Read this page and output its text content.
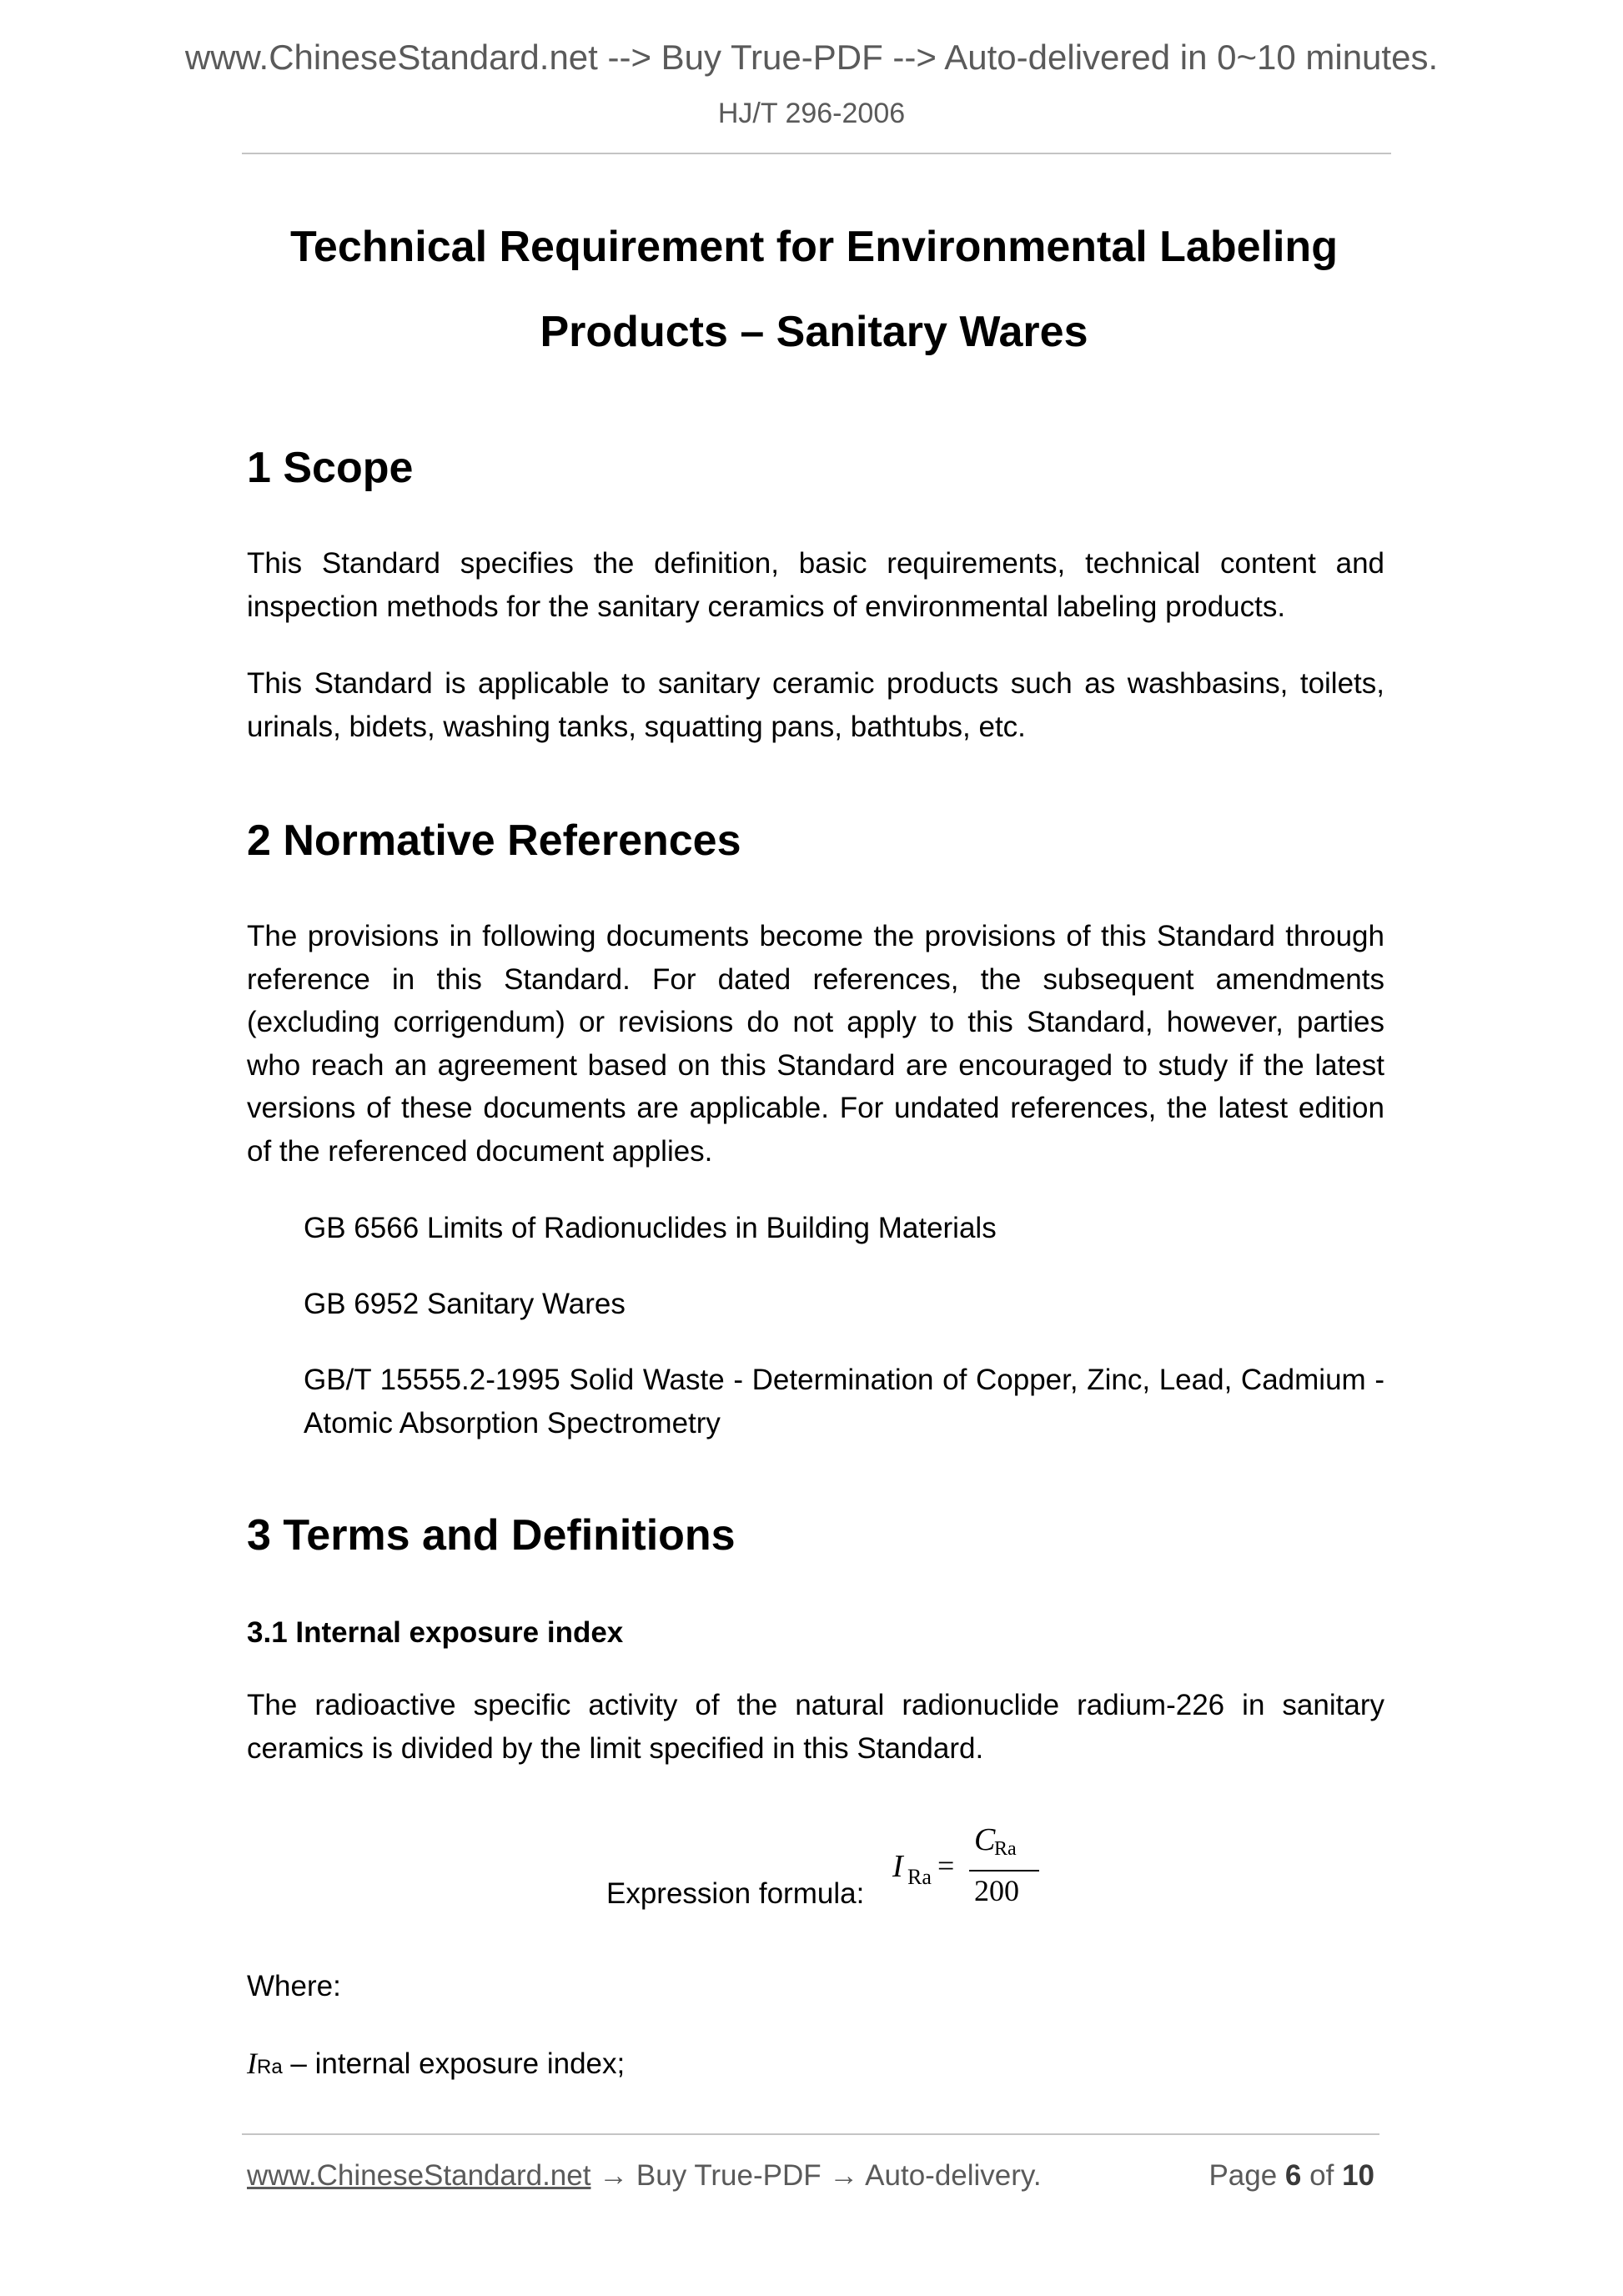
www.ChineseStandard.net --> Buy True-PDF --> Auto-delivered in 0~10 minutes.
HJ/T 296-2006
Technical Requirement for Environmental Labeling
Products – Sanitary Wares
1 Scope

This Standard specifies the definition, basic requirements, technical content and inspection methods for the sanitary ceramics of environmental labeling products.

This Standard is applicable to sanitary ceramic products such as washbasins, toilets, urinals, bidets, washing tanks, squatting pans, bathtubs, etc.

2 Normative References

The provisions in following documents become the provisions of this Standard through reference in this Standard. For dated references, the subsequent amendments (excluding corrigendum) or revisions do not apply to this Standard, however, parties who reach an agreement based on this Standard are encouraged to study if the latest versions of these documents are applicable. For undated references, the latest edition of the referenced document applies.

GB 6566 Limits of Radionuclides in Building Materials

GB 6952 Sanitary Wares

GB/T 15555.2-1995 Solid Waste - Determination of Copper, Zinc, Lead, Cadmium - Atomic Absorption Spectrometry

3 Terms and Definitions
3.1 Internal exposure index

The radioactive specific activity of the natural radionuclide radium-226 in sanitary ceramics is divided by the limit specified in this Standard.

Expression formula:
I Ra =
C
Ra
200
Where:
IRa – internal exposure index;
www.ChineseStandard.net → Buy True-PDF → Auto-delivery.	Page 6 of 10
